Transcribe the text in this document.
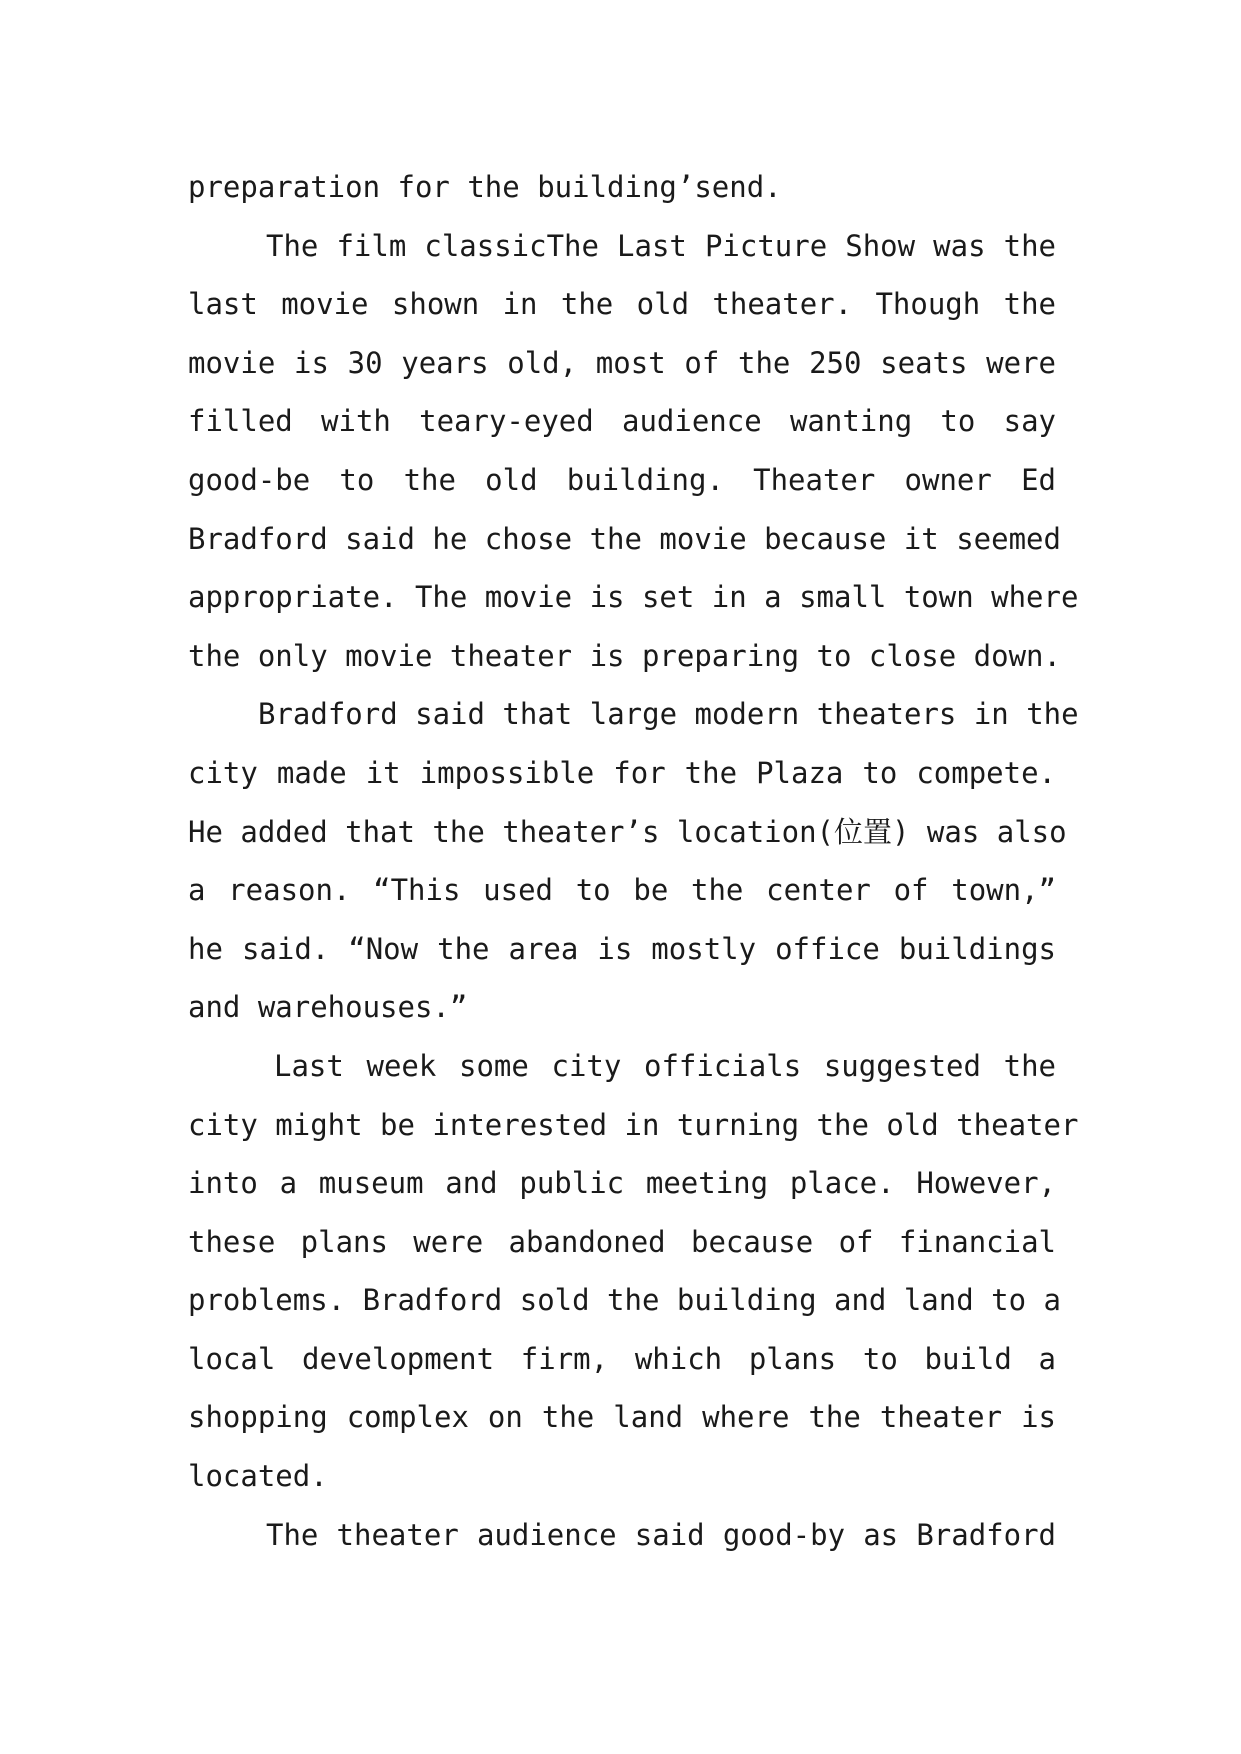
preparation for the building’send.
The film classicThe Last Picture Show was the
last movie shown in the old theater. Though the
movie is 30 years old, most of the 250 seats were
filled with teary-eyed audience wanting to say
good-be to the old building. Theater owner Ed
Bradford said he chose the movie because it seemed
appropriate. The movie is set in a small town where
the only movie theater is preparing to close down.
Bradford said that large modern theaters in the
city made it impossible for the Plaza to compete.
He added that the theater’s location(位置) was also
a reason. “This used to be the center of town,”
he said. “Now the area is mostly office buildings
and warehouses.”
Last week some city officials suggested the
city might be interested in turning the old theater
into a museum and public meeting place. However,
these plans were abandoned because of financial
problems. Bradford sold the building and land to a
local development firm, which plans to build a
shopping complex on the land where the theater is
located.
The theater audience said good-by as Bradford
